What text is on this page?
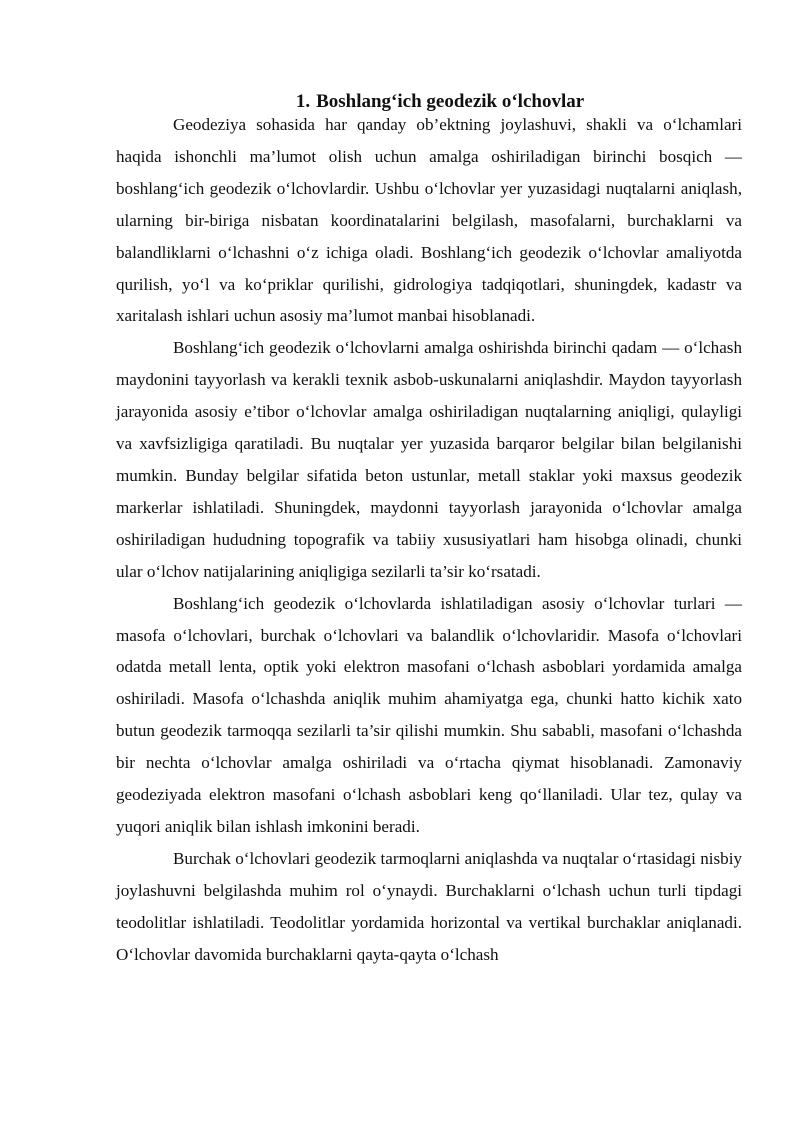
1. Boshlang‘ich geodezik o‘lchovlar

Geodeziya sohasida har qanday ob’ektning joylashuvi, shakli va o‘lchamlari haqida ishonchli ma’lumot olish uchun amalga oshiriladigan birinchi bosqich — boshlang‘ich geodezik o‘lchovlardir. Ushbu o‘lchovlar yer yuzasidagi nuqtalarni aniqlash, ularning bir-biriga nisbatan koordinatalarini belgilash, masofalarni, burchaklarni va balandliklarni o‘lchashni o‘z ichiga oladi. Boshlang‘ich geodezik o‘lchovlar amaliyotda qurilish, yo‘l va ko‘priklar qurilishi, gidrologiya tadqiqotlari, shuningdek, kadastr va xaritalash ishlari uchun asosiy ma’lumot manbai hisoblanadi.

Boshlang‘ich geodezik o‘lchovlarni amalga oshirishda birinchi qadam — o‘lchash maydonini tayyorlash va kerakli texnik asbob-uskunalarni aniqlashdir. Maydon tayyorlash jarayonida asosiy e’tibor o‘lchovlar amalga oshiriladigan nuqtalarning aniqligi, qulayligi va xavfsizligiga qaratiladi. Bu nuqtalar yer yuzasida barqaror belgilar bilan belgilanishi mumkin. Bunday belgilar sifatida beton ustunlar, metall staklar yoki maxsus geodezik markerlar ishlatiladi. Shuningdek, maydonni tayyorlash jarayonida o‘lchovlar amalga oshiriladigan hududning topografik va tabiiy xususiyatlari ham hisobga olinadi, chunki ular o‘lchov natijalarining aniqligiga sezilarli ta’sir ko‘rsatadi.

Boshlang‘ich geodezik o‘lchovlarda ishlatiladigan asosiy o‘lchovlar turlari — masofa o‘lchovlari, burchak o‘lchovlari va balandlik o‘lchovlaridir. Masofa o‘lchovlari odatda metall lenta, optik yoki elektron masofani o‘lchash asboblari yordamida amalga oshiriladi. Masofa o‘lchashda aniqlik muhim ahamiyatga ega, chunki hatto kichik xato butun geodezik tarmoqqa sezilarli ta’sir qilishi mumkin. Shu sababli, masofani o‘lchashda bir nechta o‘lchovlar amalga oshiriladi va o‘rtacha qiymat hisoblanadi. Zamonaviy geodeziyada elektron masofani o‘lchash asboblari keng qo‘llaniladi. Ular tez, qulay va yuqori aniqlik bilan ishlash imkonini beradi.

Burchak o‘lchovlari geodezik tarmoqlarni aniqlashda va nuqtalar o‘rtasidagi nisbiy joylashuvni belgilashda muhim rol o‘ynaydi. Burchaklarni o‘lchash uchun turli tipdagi teodolitlar ishlatiladi. Teodolitlar yordamida horizontal va vertikal burchaklar aniqlanadi. O‘lchovlar davomida burchaklarni qayta-qayta o‘lchash
